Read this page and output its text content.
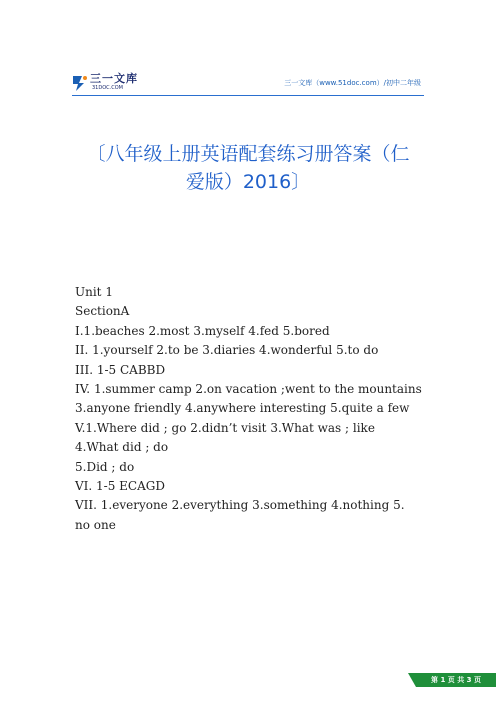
三一文库
31DOC.COM
三一文库（www.51doc.com）/初中二年级
〔八年级上册英语配套练习册答案（仁
爱版）2016〕
Unit 1
SectionA
I.1.beaches 2.most 3.myself 4.fed 5.bored
II. 1.yourself 2.to be 3.diaries 4.wonderful 5.to do
III. 1-5 CABBD
IV. 1.summer camp 2.on vacation ;went to the mountains
3.anyone friendly 4.anywhere interesting 5.quite a few
V.1.Where did ; go 2.didn’t visit 3.What was ; like
4.What did ; do
5.Did ; do
VI. 1-5 ECAGD
VII. 1.everyone 2.everything 3.something 4.nothing 5.
no one
第 1 页 共 3 页
